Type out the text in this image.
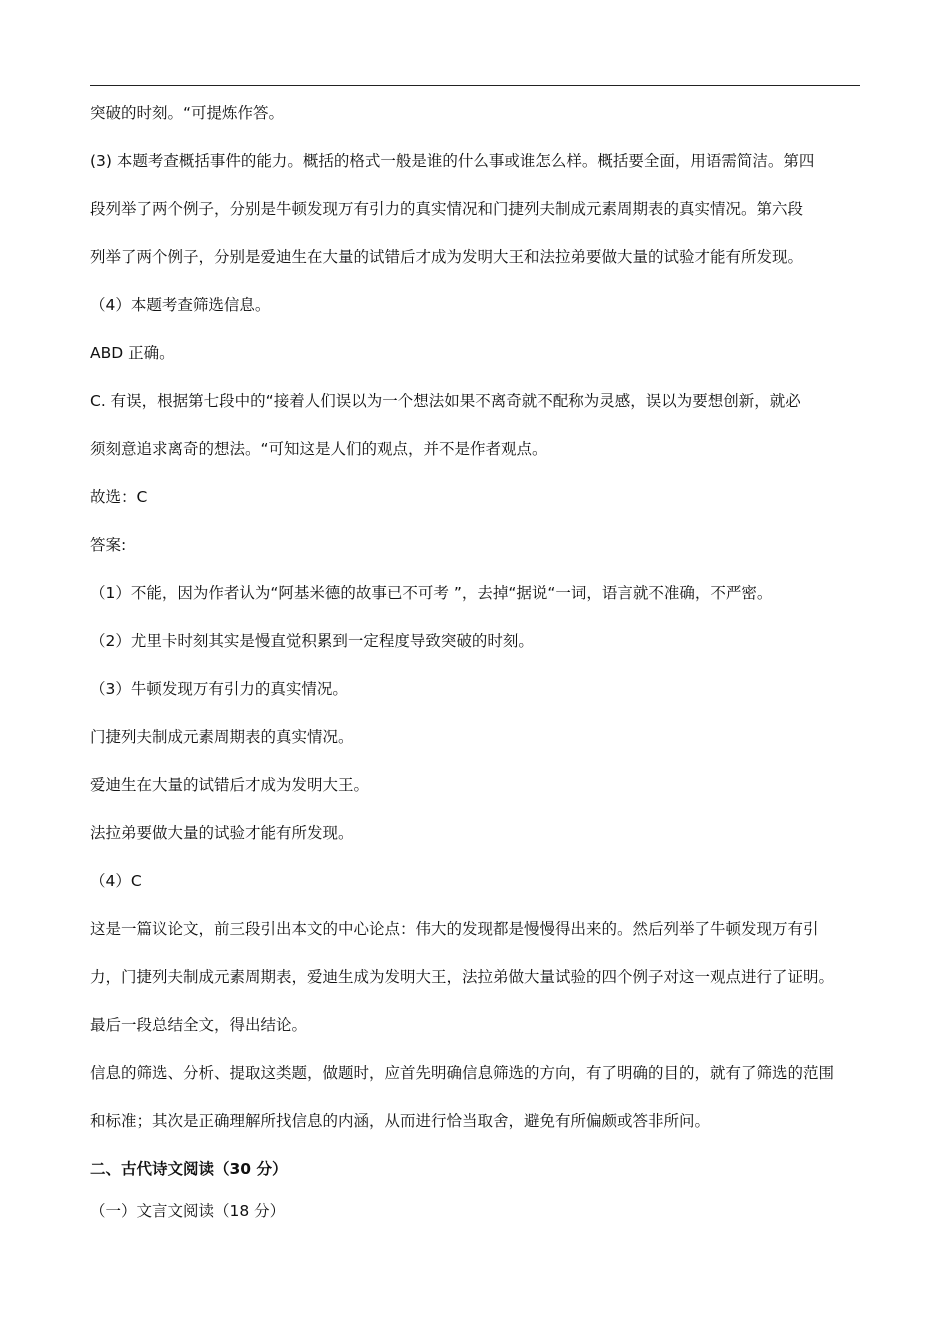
突破的时刻。“可提炼作答。

(3) 本题考查概括事件的能力。概括的格式一般是谁的什么事或谁怎么样。概括要全面，用语需简洁。第四

段列举了两个例子，分别是牛顿发现万有引力的真实情况和门捷列夫制成元素周期表的真实情况。第六段

列举了两个例子，分别是爱迪生在大量的试错后才成为发明大王和法拉弟要做大量的试验才能有所发现。

（4）本题考查筛选信息。

ABD 正确。

C. 有误，根据第七段中的“接着人们误以为一个想法如果不离奇就不配称为灵感，误以为要想创新，就必

须刻意追求离奇的想法。“可知这是人们的观点，并不是作者观点。

故选：C

答案:

（1）不能，因为作者认为“阿基米德的故事已不可考 ”，去掉“据说“一词，语言就不准确，不严密。

（2）尤里卡时刻其实是慢直觉积累到一定程度导致突破的时刻。

（3）牛顿发现万有引力的真实情况。

门捷列夫制成元素周期表的真实情况。

爱迪生在大量的试错后才成为发明大王。

法拉弟要做大量的试验才能有所发现。

（4）C

这是一篇议论文，前三段引出本文的中心论点：伟大的发现都是慢慢得出来的。然后列举了牛顿发现万有引

力，门捷列夫制成元素周期表，爱迪生成为发明大王，法拉弟做大量试验的四个例子对这一观点进行了证明。

最后一段总结全文，得出结论。

信息的筛选、分析、提取这类题，做题时，应首先明确信息筛选的方向，有了明确的目的，就有了筛选的范围

和标准；其次是正确理解所找信息的内涵，从而进行恰当取舍，避免有所偏颇或答非所问。

二、古代诗文阅读（30 分）

（一）文言文阅读（18 分）
